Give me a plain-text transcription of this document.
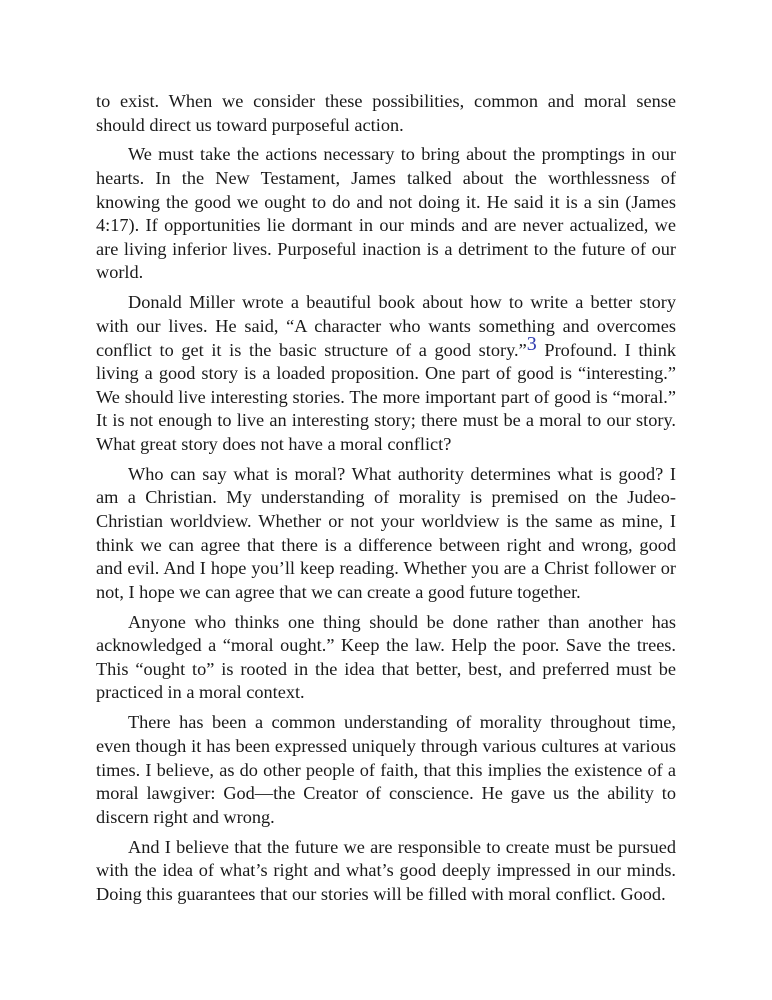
to exist. When we consider these possibilities, common and moral sense should direct us toward purposeful action.

We must take the actions necessary to bring about the promptings in our hearts. In the New Testament, James talked about the worthlessness of knowing the good we ought to do and not doing it. He said it is a sin (James 4:17). If opportunities lie dormant in our minds and are never actualized, we are living inferior lives. Purposeful inaction is a detriment to the future of our world.

Donald Miller wrote a beautiful book about how to write a better story with our lives. He said, “A character who wants something and overcomes conflict to get it is the basic structure of a good story.”3 Profound. I think living a good story is a loaded proposition. One part of good is “interesting.” We should live interesting stories. The more important part of good is “moral.” It is not enough to live an interesting story; there must be a moral to our story. What great story does not have a moral conflict?

Who can say what is moral? What authority determines what is good? I am a Christian. My understanding of morality is premised on the Judeo-Christian worldview. Whether or not your worldview is the same as mine, I think we can agree that there is a difference between right and wrong, good and evil. And I hope you’ll keep reading. Whether you are a Christ follower or not, I hope we can agree that we can create a good future together.

Anyone who thinks one thing should be done rather than another has acknowledged a “moral ought.” Keep the law. Help the poor. Save the trees. This “ought to” is rooted in the idea that better, best, and preferred must be practiced in a moral context.

There has been a common understanding of morality throughout time, even though it has been expressed uniquely through various cultures at various times. I believe, as do other people of faith, that this implies the existence of a moral lawgiver: God—the Creator of conscience. He gave us the ability to discern right and wrong.

And I believe that the future we are responsible to create must be pursued with the idea of what’s right and what’s good deeply impressed in our minds. Doing this guarantees that our stories will be filled with moral conflict. Good.
